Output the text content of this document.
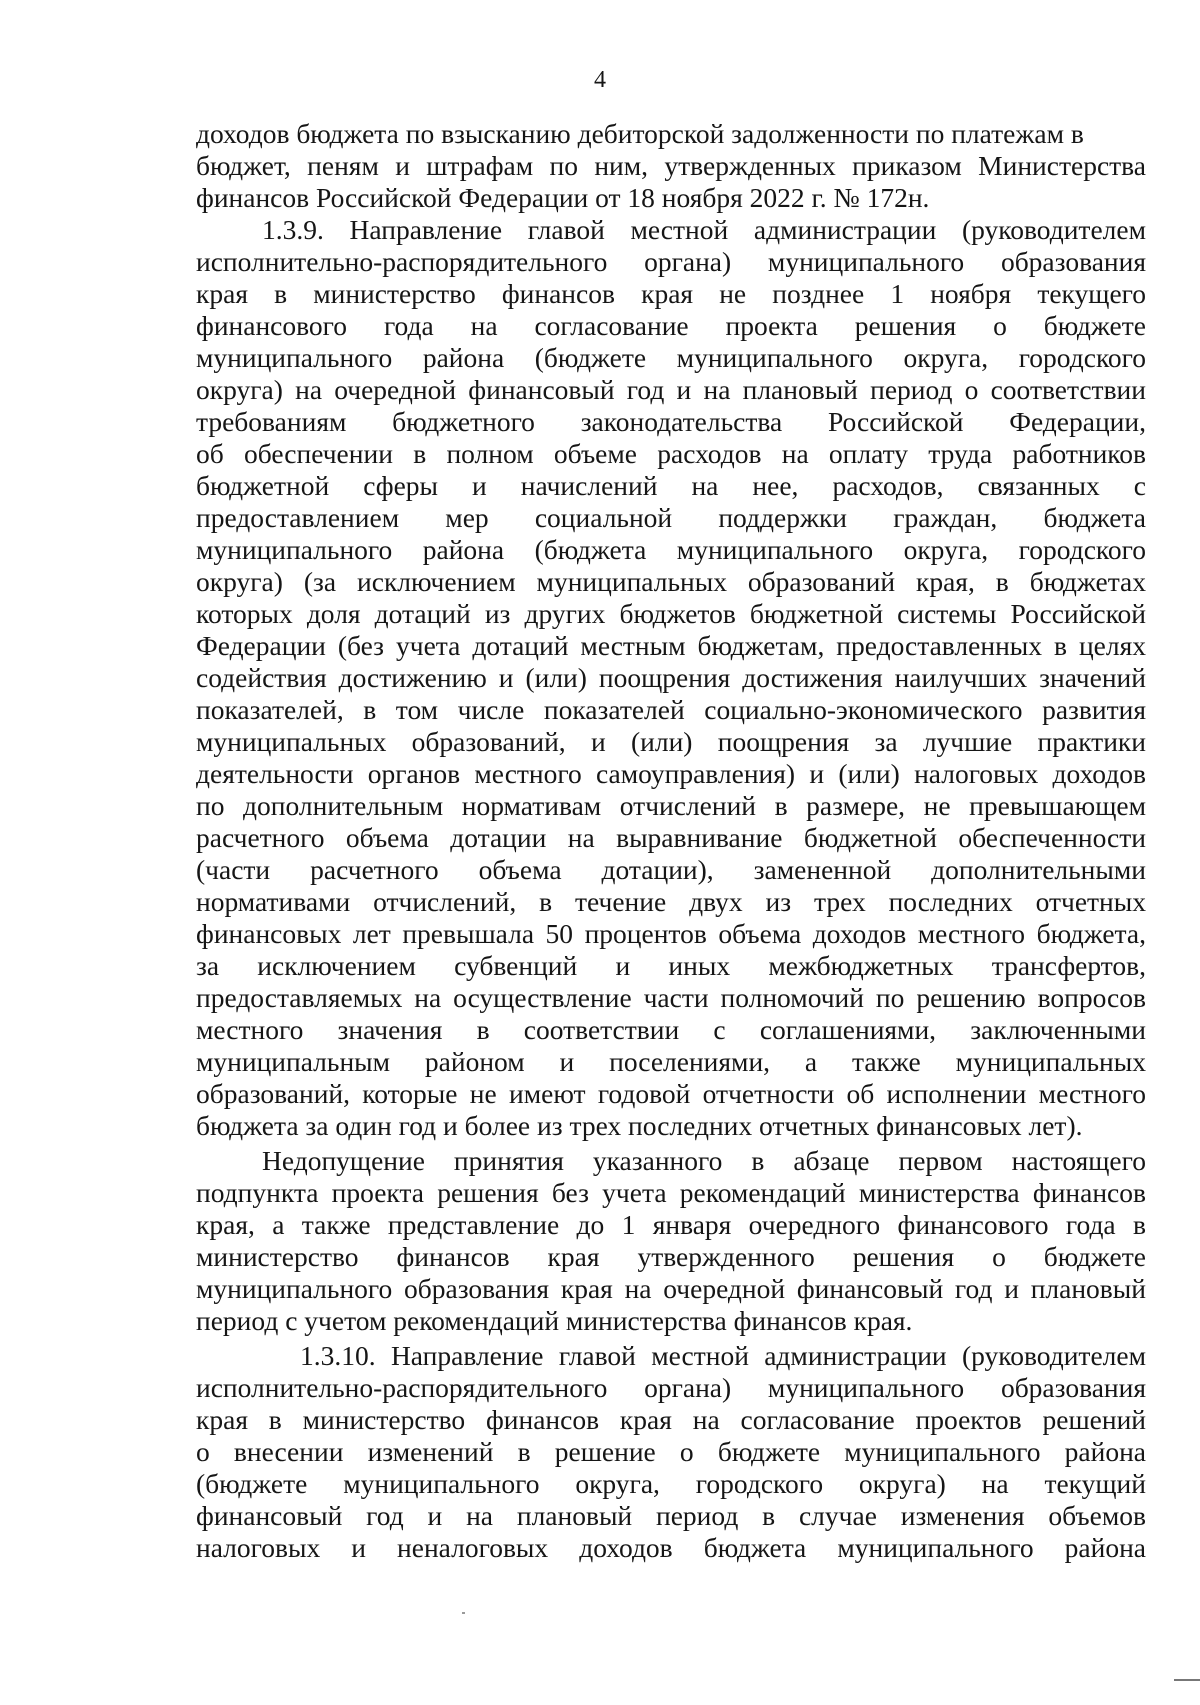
4
доходов бюджета по взысканию дебиторской задолженности по платежам в
бюджет, пеням и штрафам по ним, утвержденных приказом Министерства
финансов Российской Федерации от 18 ноября 2022 г. № 172н.
1.3.9. Направление главой местной администрации (руководителем
исполнительно-распорядительного органа) муниципального образования
края в министерство финансов края не позднее 1 ноября текущего
финансового года на согласование проекта решения о бюджете
муниципального района (бюджете муниципального округа, городского
округа) на очередной финансовый год и на плановый период о соответствии
требованиям бюджетного законодательства Российской Федерации,
об обеспечении в полном объеме расходов на оплату труда работников
бюджетной сферы и начислений на нее, расходов, связанных с
предоставлением мер социальной поддержки граждан, бюджета
муниципального района (бюджета муниципального округа, городского
округа) (за исключением муниципальных образований края, в бюджетах
которых доля дотаций из других бюджетов бюджетной системы Российской
Федерации (без учета дотаций местным бюджетам, предоставленных в целях
содействия достижению и (или) поощрения достижения наилучших значений
показателей, в том числе показателей социально-экономического развития
муниципальных образований, и (или) поощрения за лучшие практики
деятельности органов местного самоуправления) и (или) налоговых доходов
по дополнительным нормативам отчислений в размере, не превышающем
расчетного объема дотации на выравнивание бюджетной обеспеченности
(части расчетного объема дотации), замененной дополнительными
нормативами отчислений, в течение двух из трех последних отчетных
финансовых лет превышала 50 процентов объема доходов местного бюджета,
за исключением субвенций и иных межбюджетных трансфертов,
предоставляемых на осуществление части полномочий по решению вопросов
местного значения в соответствии с соглашениями, заключенными
муниципальным районом и поселениями, а также муниципальных
образований, которые не имеют годовой отчетности об исполнении местного
бюджета за один год и более из трех последних отчетных финансовых лет).
Недопущение принятия указанного в абзаце первом настоящего
подпункта проекта решения без учета рекомендаций министерства финансов
края, а также представление до 1 января очередного финансового года в
министерство финансов края утвержденного решения о бюджете
муниципального образования края на очередной финансовый год и плановый
период с учетом рекомендаций министерства финансов края.
1.3.10. Направление главой местной администрации (руководителем
исполнительно-распорядительного органа) муниципального образования
края в министерство финансов края на согласование проектов решений
о внесении изменений в решение о бюджете муниципального района
(бюджете муниципального округа, городского округа) на текущий
финансовый год и на плановый период в случае изменения объемов
налоговых и неналоговых доходов бюджета муниципального района
